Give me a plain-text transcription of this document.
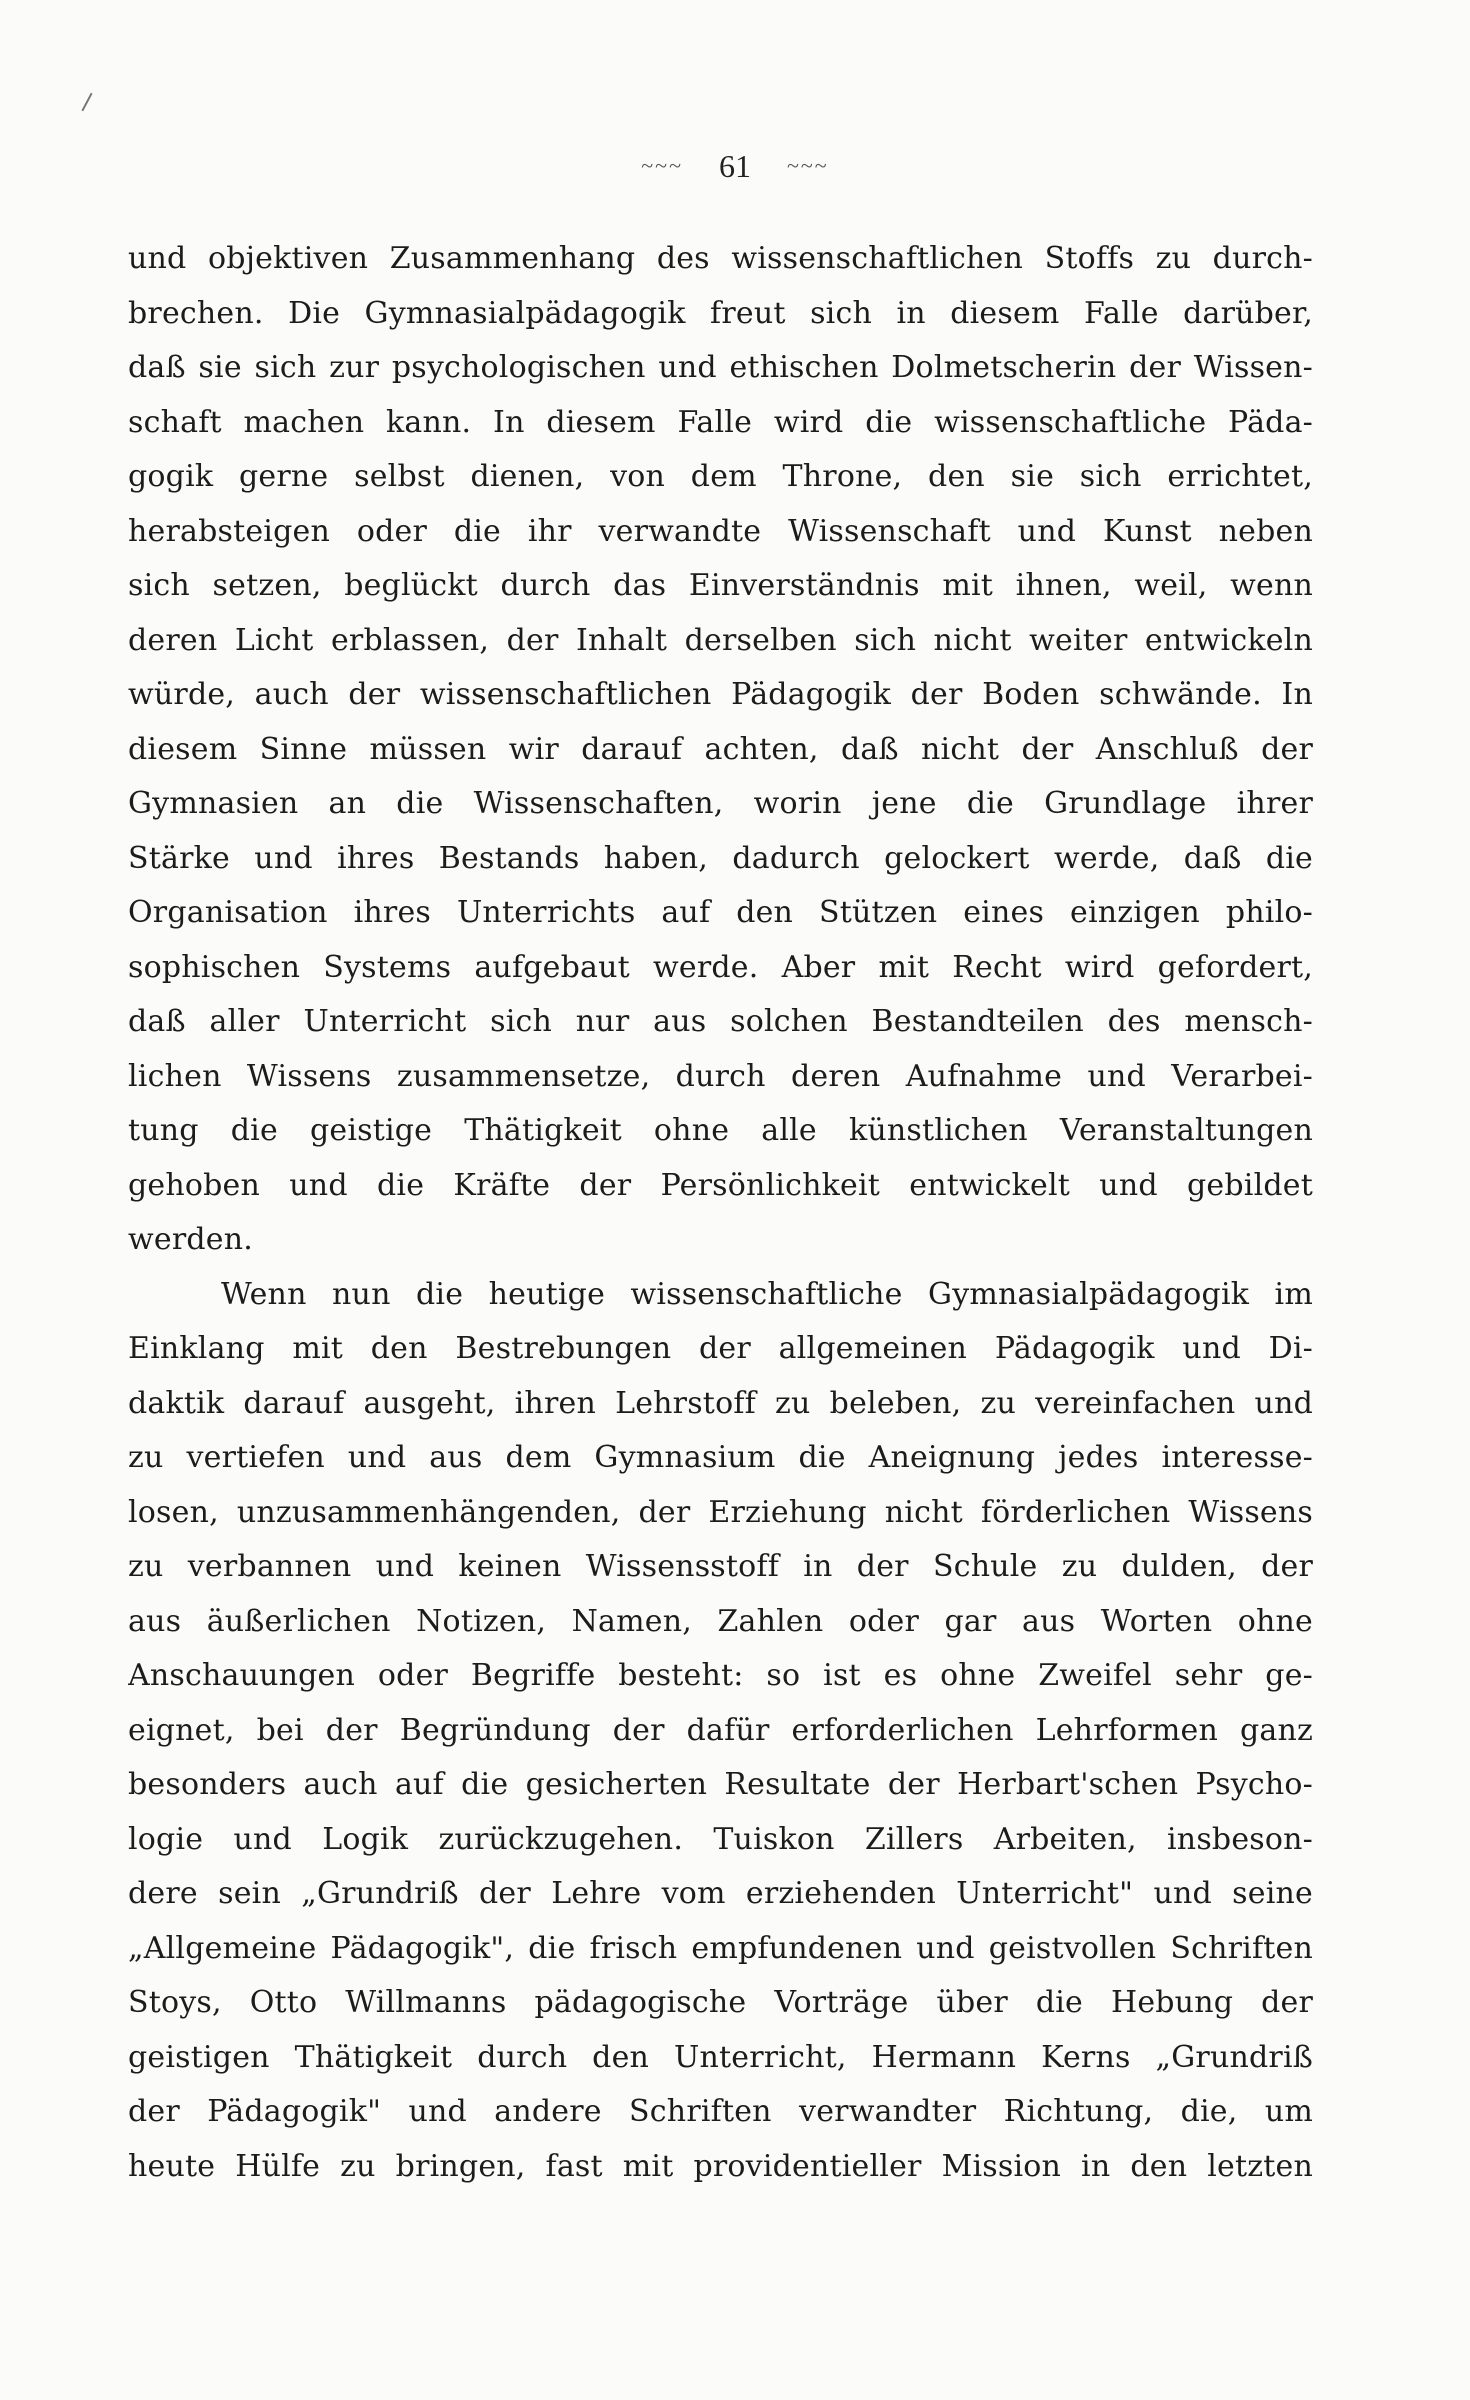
~~~ 61 ~~~
und objektiven Zusammenhang des wissenschaftlichen Stoffs zu durch-
brechen. Die Gymnasialpädagogik freut sich in diesem Falle darüber,
daß sie sich zur psychologischen und ethischen Dolmetscherin der Wissen-
schaft machen kann. In diesem Falle wird die wissenschaftliche Päda-
gogik gerne selbst dienen, von dem Throne, den sie sich errichtet,
herabsteigen oder die ihr verwandte Wissenschaft und Kunst neben
sich setzen, beglückt durch das Einverständnis mit ihnen, weil, wenn
deren Licht erblassen, der Inhalt derselben sich nicht weiter entwickeln
würde, auch der wissenschaftlichen Pädagogik der Boden schwände. In
diesem Sinne müssen wir darauf achten, daß nicht der Anschluß der
Gymnasien an die Wissenschaften, worin jene die Grundlage ihrer
Stärke und ihres Bestands haben, dadurch gelockert werde, daß die
Organisation ihres Unterrichts auf den Stützen eines einzigen philo-
sophischen Systems aufgebaut werde. Aber mit Recht wird gefordert,
daß aller Unterricht sich nur aus solchen Bestandteilen des mensch-
lichen Wissens zusammensetze, durch deren Aufnahme und Verarbei-
tung die geistige Thätigkeit ohne alle künstlichen Veranstaltungen
gehoben und die Kräfte der Persönlichkeit entwickelt und gebildet
werden.
Wenn nun die heutige wissenschaftliche Gymnasialpädagogik im
Einklang mit den Bestrebungen der allgemeinen Pädagogik und Di-
daktik darauf ausgeht, ihren Lehrstoff zu beleben, zu vereinfachen und
zu vertiefen und aus dem Gymnasium die Aneignung jedes interesse-
losen, unzusammenhängenden, der Erziehung nicht förderlichen Wissens
zu verbannen und keinen Wissensstoff in der Schule zu dulden, der
aus äußerlichen Notizen, Namen, Zahlen oder gar aus Worten ohne
Anschauungen oder Begriffe besteht: so ist es ohne Zweifel sehr ge-
eignet, bei der Begründung der dafür erforderlichen Lehrformen ganz
besonders auch auf die gesicherten Resultate der Herbart'schen Psycho-
logie und Logik zurückzugehen. Tuiskon Zillers Arbeiten, insbeson-
dere sein „Grundriß der Lehre vom erziehenden Unterricht" und seine
„Allgemeine Pädagogik", die frisch empfundenen und geistvollen Schriften
Stoys, Otto Willmanns pädagogische Vorträge über die Hebung der
geistigen Thätigkeit durch den Unterricht, Hermann Kerns „Grundriß
der Pädagogik" und andere Schriften verwandter Richtung, die, um
heute Hülfe zu bringen, fast mit providentieller Mission in den letzten
